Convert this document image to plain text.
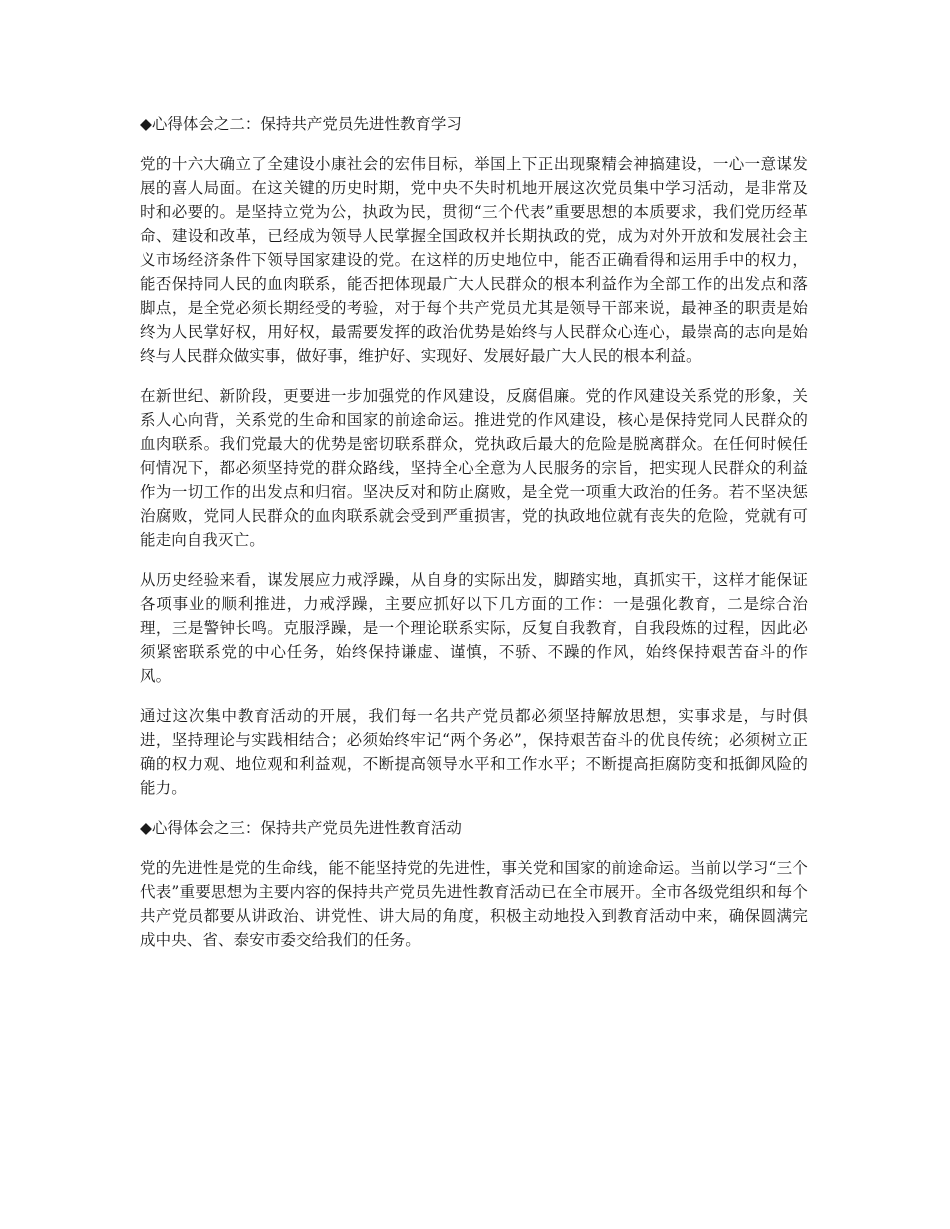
◆心得体会之二：保持共产党员先进性教育学习

党的十六大确立了全建设小康社会的宏伟目标，举国上下正出现聚精会神搞建设，一心一意谋发展的喜人局面。在这关键的历史时期，党中央不失时机地开展这次党员集中学习活动，是非常及时和必要的。是坚持立党为公，执政为民，贯彻“三个代表”重要思想的本质要求，我们党历经革命、建设和改革，已经成为领导人民掌握全国政权并长期执政的党，成为对外开放和发展社会主义市场经济条件下领导国家建设的党。在这样的历史地位中，能否正确看得和运用手中的权力，能否保持同人民的血肉联系，能否把体现最广大人民群众的根本利益作为全部工作的出发点和落脚点，是全党必须长期经受的考验，对于每个共产党员尤其是领导干部来说，最神圣的职责是始终为人民掌好权，用好权，最需要发挥的政治优势是始终与人民群众心连心，最崇高的志向是始终与人民群众做实事，做好事，维护好、实现好、发展好最广大人民的根本利益。

在新世纪、新阶段，更要进一步加强党的作风建设，反腐倡廉。党的作风建设关系党的形象，关系人心向背，关系党的生命和国家的前途命运。推进党的作风建设，核心是保持党同人民群众的血肉联系。我们党最大的优势是密切联系群众，党执政后最大的危险是脱离群众。在任何时候任何情况下，都必须坚持党的群众路线，坚持全心全意为人民服务的宗旨，把实现人民群众的利益作为一切工作的出发点和归宿。坚决反对和防止腐败，是全党一项重大政治的任务。若不坚决惩治腐败，党同人民群众的血肉联系就会受到严重损害，党的执政地位就有丧失的危险，党就有可能走向自我灭亡。

从历史经验来看，谋发展应力戒浮躁，从自身的实际出发，脚踏实地，真抓实干，这样才能保证各项事业的顺利推进，力戒浮躁，主要应抓好以下几方面的工作：一是强化教育，二是综合治理，三是警钟长鸣。克服浮躁，是一个理论联系实际，反复自我教育，自我段炼的过程，因此必须紧密联系党的中心任务，始终保持谦虚、谨慎，不骄、不躁的作风，始终保持艰苦奋斗的作风。

通过这次集中教育活动的开展，我们每一名共产党员都必须坚持解放思想，实事求是，与时俱进，坚持理论与实践相结合；必须始终牢记“两个务必”，保持艰苦奋斗的优良传统；必须树立正确的权力观、地位观和利益观，不断提高领导水平和工作水平；不断提高拒腐防变和抵御风险的能力。

◆心得体会之三：保持共产党员先进性教育活动

党的先进性是党的生命线，能不能坚持党的先进性，事关党和国家的前途命运。当前以学习“三个代表”重要思想为主要内容的保持共产党员先进性教育活动已在全市展开。全市各级党组织和每个共产党员都要从讲政治、讲党性、讲大局的角度，积极主动地投入到教育活动中来，确保圆满完成中央、省、泰安市委交给我们的任务。
